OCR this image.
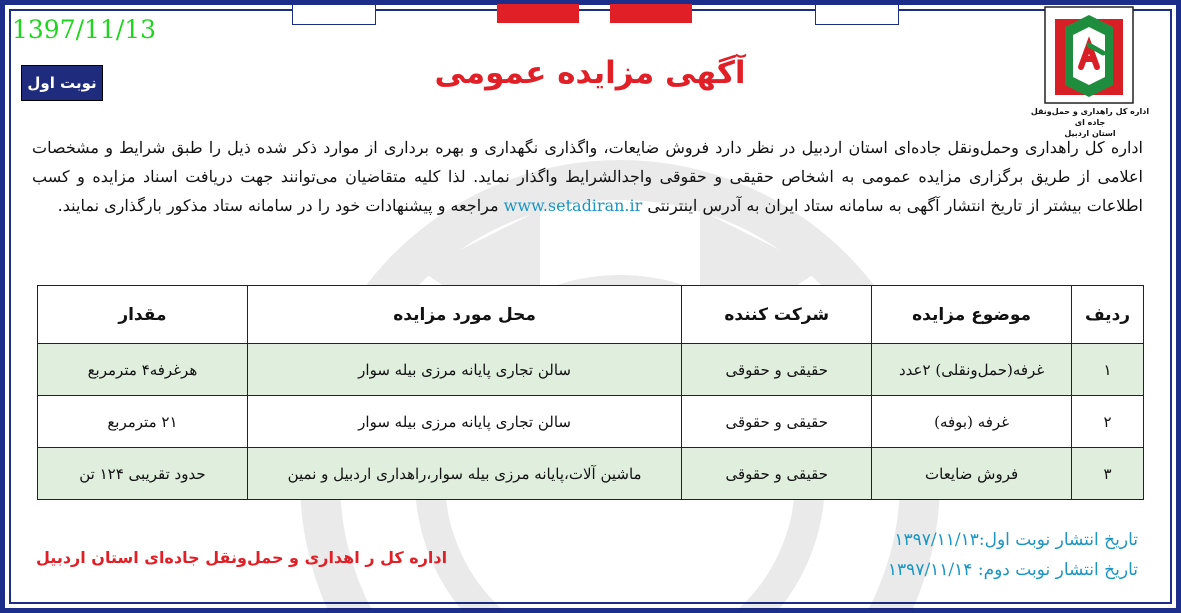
1397/11/13
نوبت اول	آگهی مزایده عمومی
اداره کل راهداری و حمل‌ونقل جاده ای
استان اردبیل
اداره کل راهداری وحمل‌ونقل جاده‌ای استان اردبیل در نظر دارد فروش ضایعات، واگذاری نگهداری و بهره برداری از موارد ذکر شده ذیل را طبق شرایط و مشخصات اعلامی از طریق برگزاری مزایده عمومی به اشخاص حقیقی و حقوقی واجدالشرایط واگذار نماید. لذا کلیه متقاضیان می‌توانند جهت دریافت اسناد مزایده و کسب اطلاعات بیشتر از تاریخ انتشار آگهی به سامانه ستاد ایران به آدرس اینترنتی www.setadiran.ir مراجعه و پیشنهادات خود را در سامانه ستاد مذکور بارگذاری نمایند.
ردیف	موضوع مزایده	شرکت کننده	محل مورد مزایده	مقدار
۱	غرفه(حمل‌ونقلی) ۲عدد	حقیقی و حقوقی	سالن تجاری پایانه مرزی بیله سوار	هرغرفه۴ مترمربع
۲	غرفه (بوفه)	حقیقی و حقوقی	سالن تجاری پایانه مرزی بیله سوار	۲۱ مترمربع
۳	فروش ضایعات	حقیقی و حقوقی	ماشین آلات،پایانه مرزی بیله سوار،راهداری اردبیل و نمین	حدود تقریبی ۱۲۴ تن
تاریخ انتشار نوبت اول:۱۳۹۷/۱۱/۱۳
تاریخ انتشار نوبت دوم: ۱۳۹۷/۱۱/۱۴
اداره کل ر اهداری و حمل‌ونقل جاده‌ای استان اردبیل
